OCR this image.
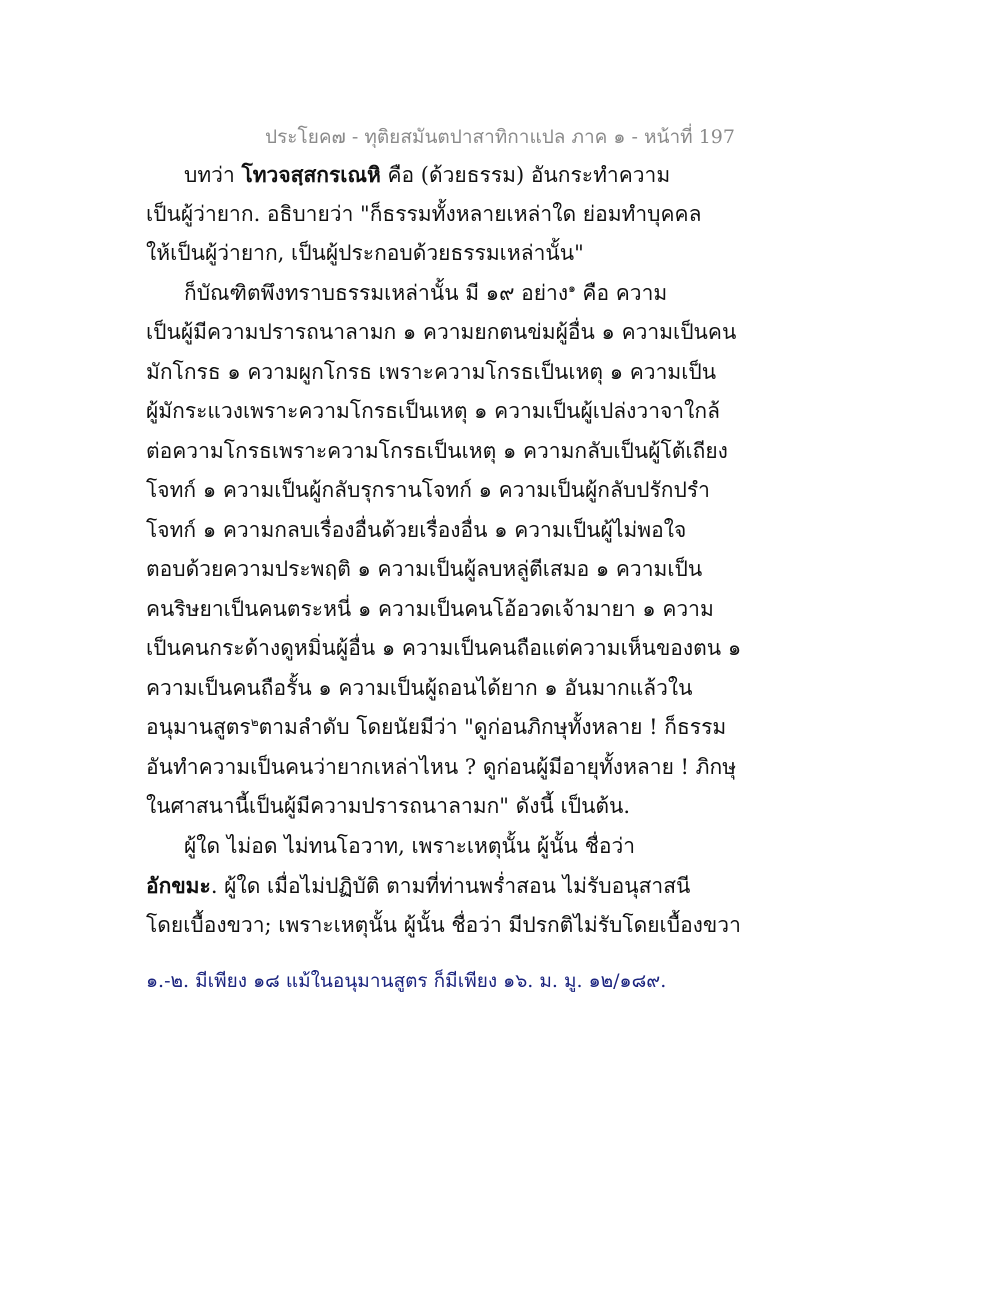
ประโยค๗ - ทุติยสมันตปาสาทิกาแปล ภาค ๑ - หน้าที่ 197
บทว่า โทวจสฺสกรเณหิ คือ (ด้วยธรรม) อันกระทำความ
เป็นผู้ว่ายาก. อธิบายว่า "ก็ธรรมทั้งหลายเหล่าใด ย่อมทำบุคคล
ให้เป็นผู้ว่ายาก, เป็นผู้ประกอบด้วยธรรมเหล่านั้น"
ก็บัณฑิตพึงทราบธรรมเหล่านั้น มี ๑๙ อย่าง$^๑$ คือ ความ
เป็นผู้มีความปรารถนาลามก ๑ ความยกตนข่มผู้อื่น ๑ ความเป็นคน
มักโกรธ ๑ ความผูกโกรธ เพราะความโกรธเป็นเหตุ ๑ ความเป็น
ผู้มักระแวงเพราะความโกรธเป็นเหตุ ๑ ความเป็นผู้เปล่งวาจาใกล้
ต่อความโกรธเพราะความโกรธเป็นเหตุ ๑ ความกลับเป็นผู้โต้เถียง
โจทก์ ๑ ความเป็นผู้กลับรุกรานโจทก์ ๑ ความเป็นผู้กลับปรักปรำ
โจทก์ ๑ ความกลบเรื่องอื่นด้วยเรื่องอื่น ๑ ความเป็นผู้ไม่พอใจ
ตอบด้วยความประพฤติ ๑ ความเป็นผู้ลบหลู่ตีเสมอ ๑ ความเป็น
คนริษยาเป็นคนตระหนี่ ๑ ความเป็นคนโอ้อวดเจ้ามายา ๑ ความ
เป็นคนกระด้างดูหมิ่นผู้อื่น ๑ ความเป็นคนถือแต่ความเห็นของตน ๑
ความเป็นคนถือรั้น ๑ ความเป็นผู้ถอนได้ยาก ๑ อันมากแล้วใน
อนุมานสูตร$^๒$ตามลำดับ โดยนัยมีว่า "ดูก่อนภิกษุทั้งหลาย ! ก็ธรรม
อันทำความเป็นคนว่ายากเหล่าไหน ? ดูก่อนผู้มีอายุทั้งหลาย ! ภิกษุ
ในศาสนานี้เป็นผู้มีความปรารถนาลามก" ดังนี้ เป็นต้น.
ผู้ใด ไม่อด ไม่ทนโอวาท, เพราะเหตุนั้น ผู้นั้น ชื่อว่า
อักขมะ. ผู้ใด เมื่อไม่ปฏิบัติ ตามที่ท่านพร่ำสอน ไม่รับอนุสาสนี
โดยเบื้องขวา; เพราะเหตุนั้น ผู้นั้น ชื่อว่า มีปรกติไม่รับโดยเบื้องขวา
๑.-๒. มีเพียง ๑๘ แม้ในอนุมานสูตร ก็มีเพียง ๑๖. ม. มู. ๑๒/๑๘๙.
